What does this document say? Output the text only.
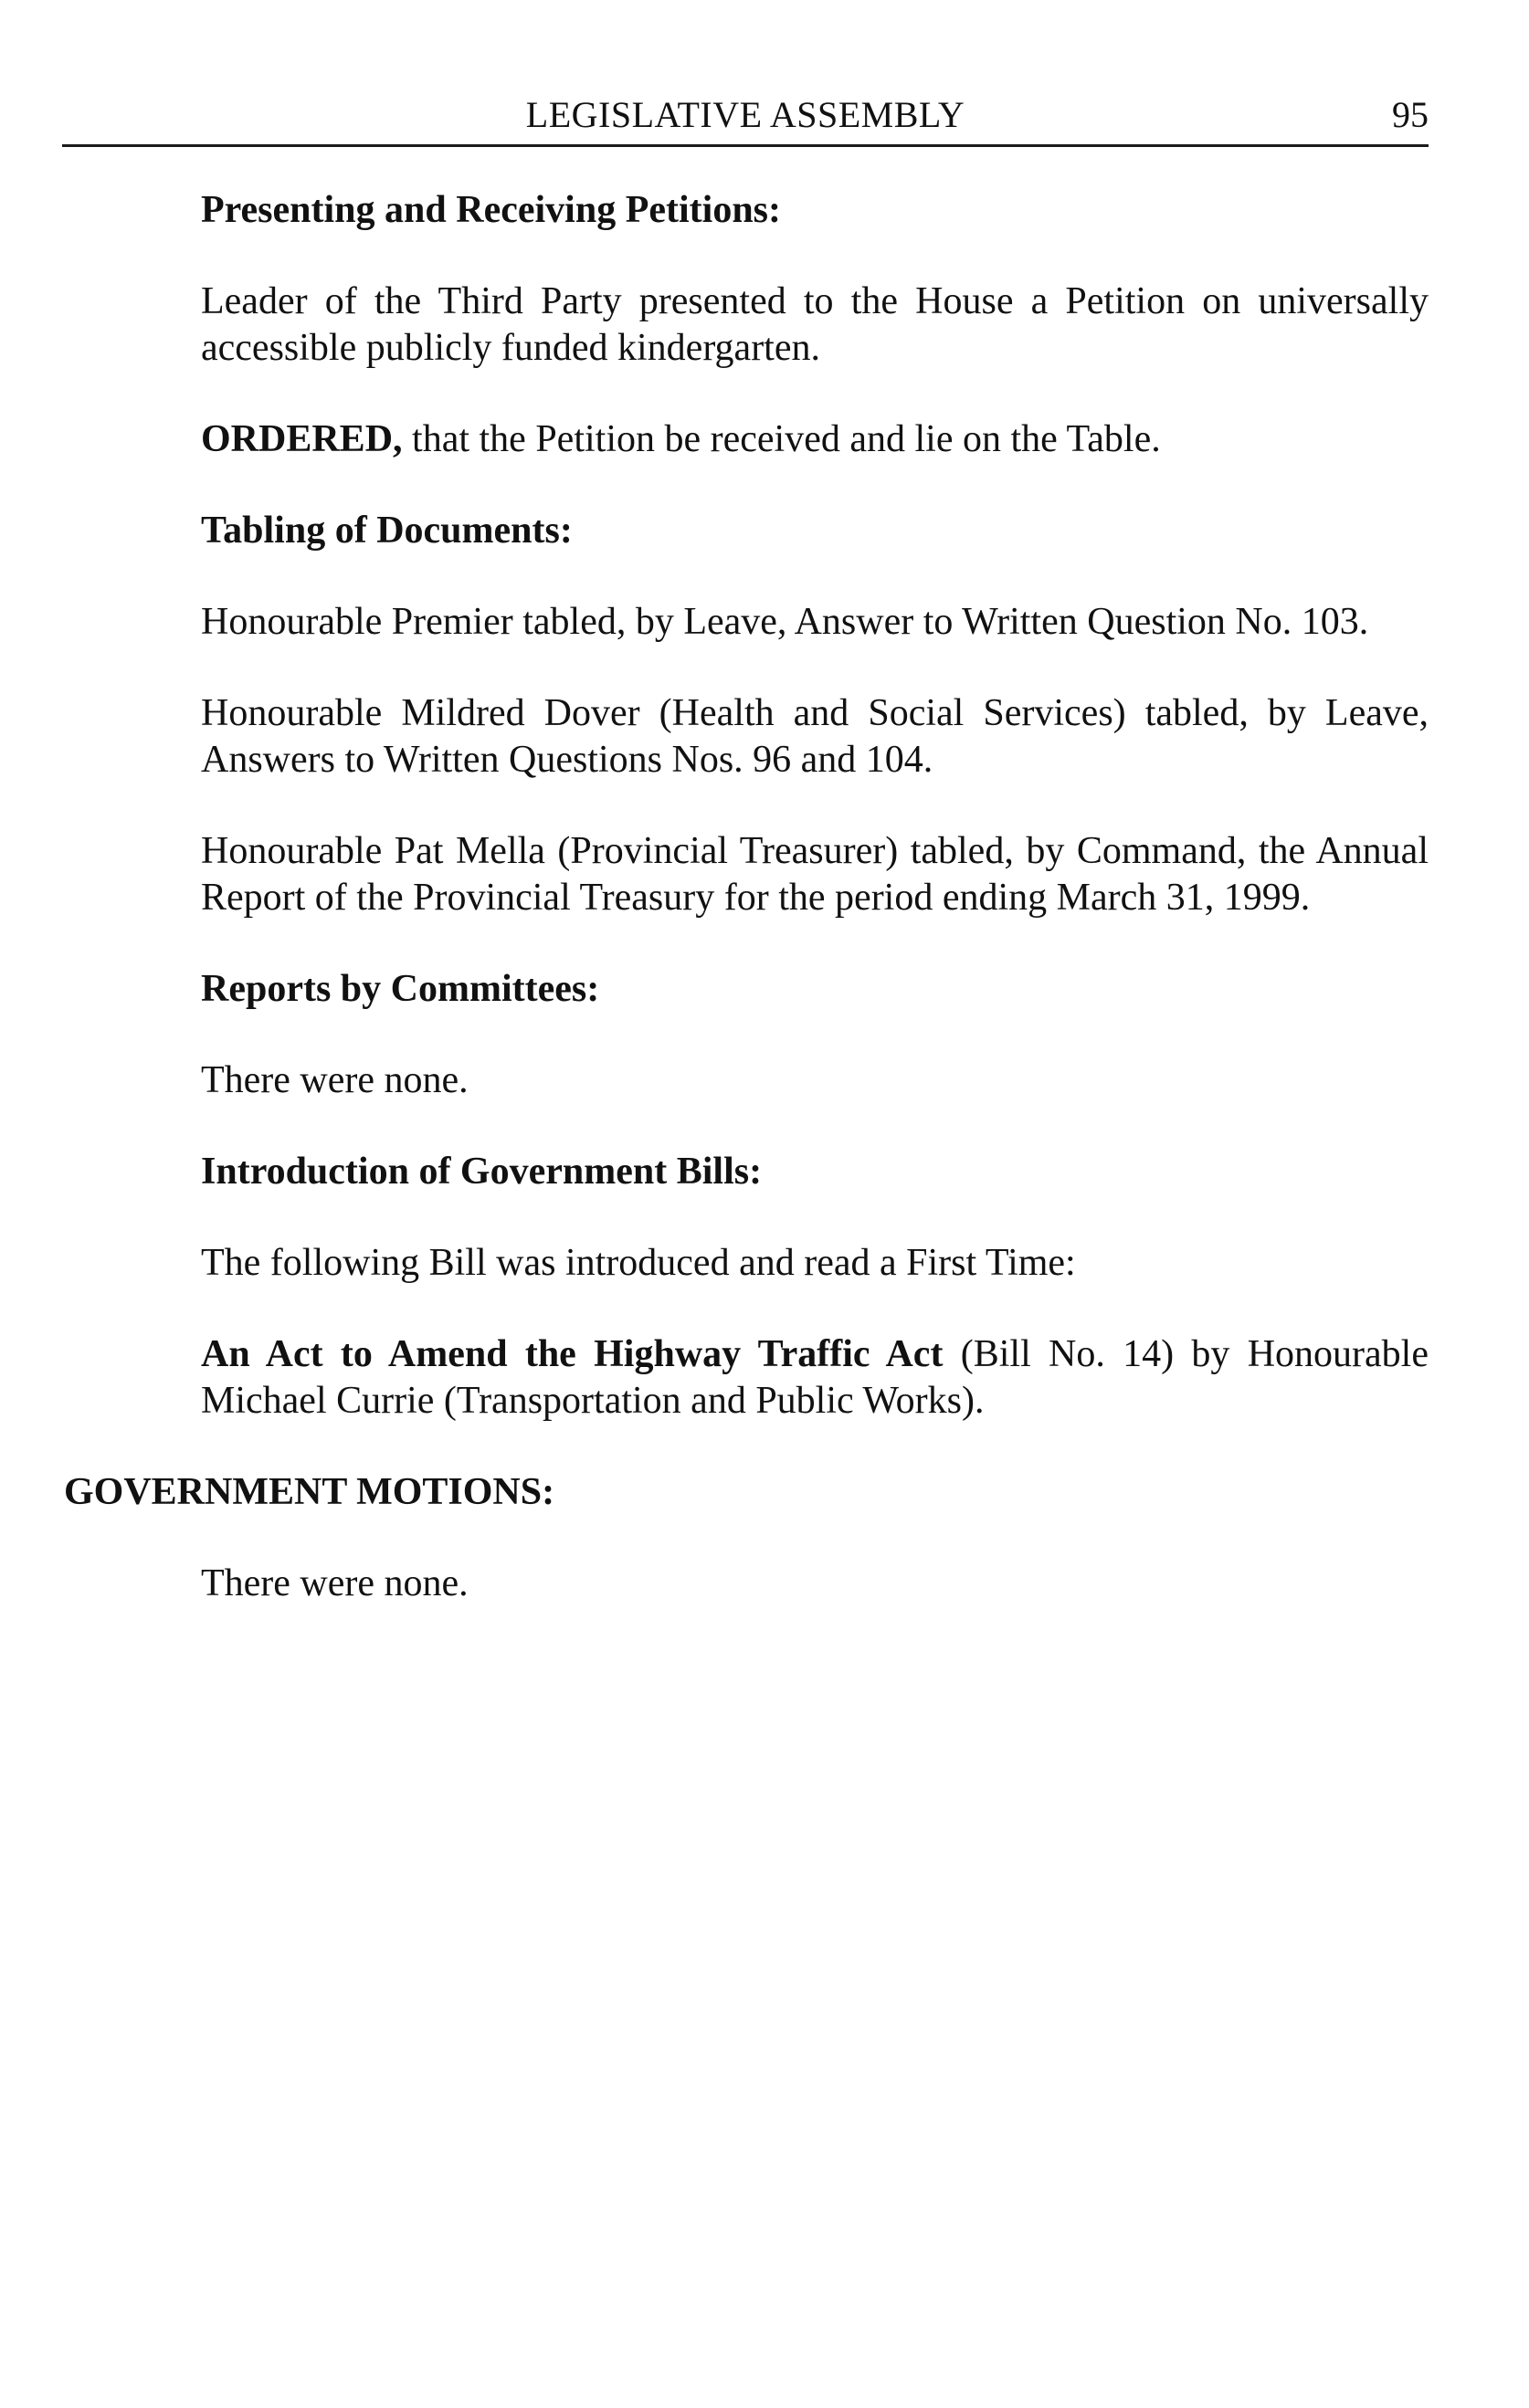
LEGISLATIVE ASSEMBLY	95

Presenting and Receiving Petitions:

Leader of the Third Party presented to the House a Petition on universally accessible publicly funded kindergarten.

ORDERED, that the Petition be received and lie on the Table.

Tabling of Documents:

Honourable Premier tabled, by Leave, Answer to Written Question No. 103.

Honourable Mildred Dover (Health and Social Services) tabled, by Leave, Answers to Written Questions Nos. 96 and 104.

Honourable Pat Mella (Provincial Treasurer) tabled, by Command, the Annual Report of the Provincial Treasury for the period ending March 31, 1999.

Reports by Committees:

There were none.

Introduction of Government Bills:

The following Bill was introduced and read a First Time:

An Act to Amend the Highway Traffic Act (Bill No. 14) by Honourable Michael Currie (Transportation and Public Works).

GOVERNMENT MOTIONS:

There were none.
